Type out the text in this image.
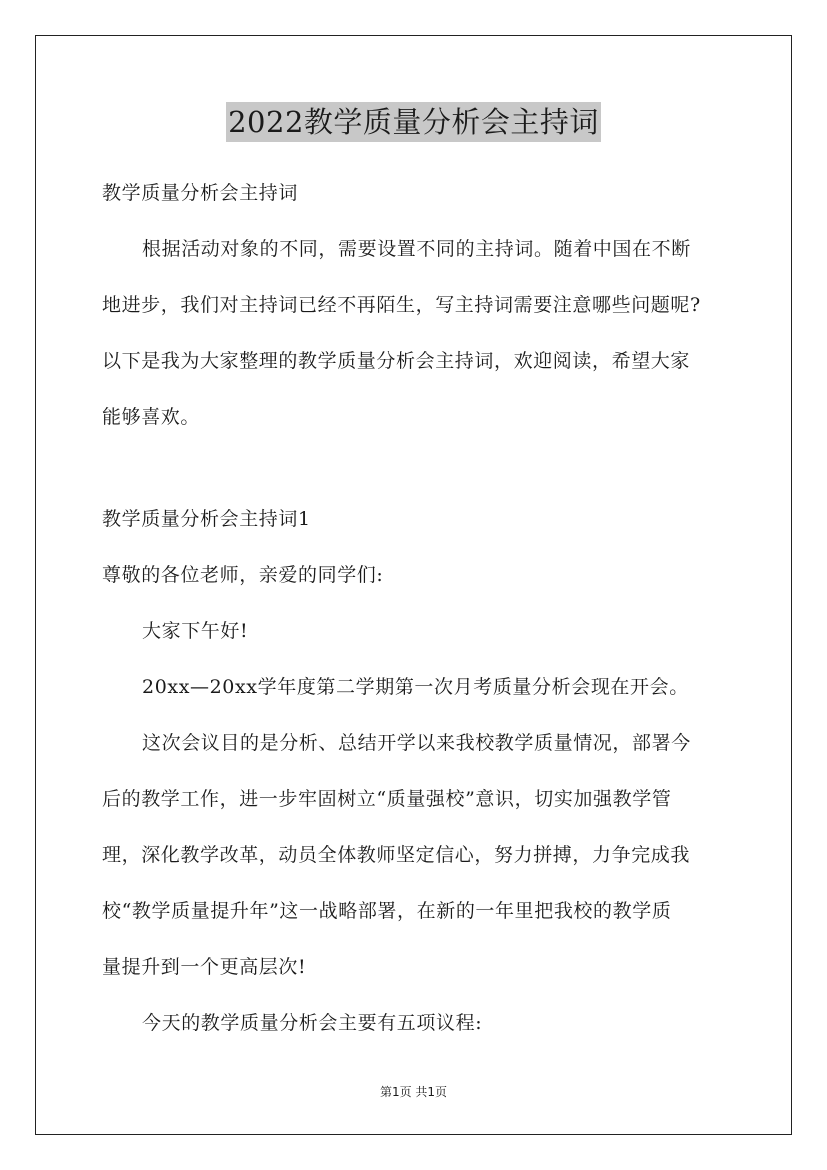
2022教学质量分析会主持词
教学质量分析会主持词
根据活动对象的不同，需要设置不同的主持词。随着中国在不断
地进步，我们对主持词已经不再陌生，写主持词需要注意哪些问题呢?
以下是我为大家整理的教学质量分析会主持词，欢迎阅读，希望大家
能够喜欢。
教学质量分析会主持词1
尊敬的各位老师，亲爱的同学们:
大家下午好!
20xx—20xx学年度第二学期第一次月考质量分析会现在开会。
这次会议目的是分析、总结开学以来我校教学质量情况，部署今
后的教学工作，进一步牢固树立“质量强校”意识，切实加强教学管
理，深化教学改革，动员全体教师坚定信心，努力拼搏，力争完成我
校“教学质量提升年”这一战略部署，在新的一年里把我校的教学质
量提升到一个更高层次!
今天的教学质量分析会主要有五项议程:
第1页 共1页
